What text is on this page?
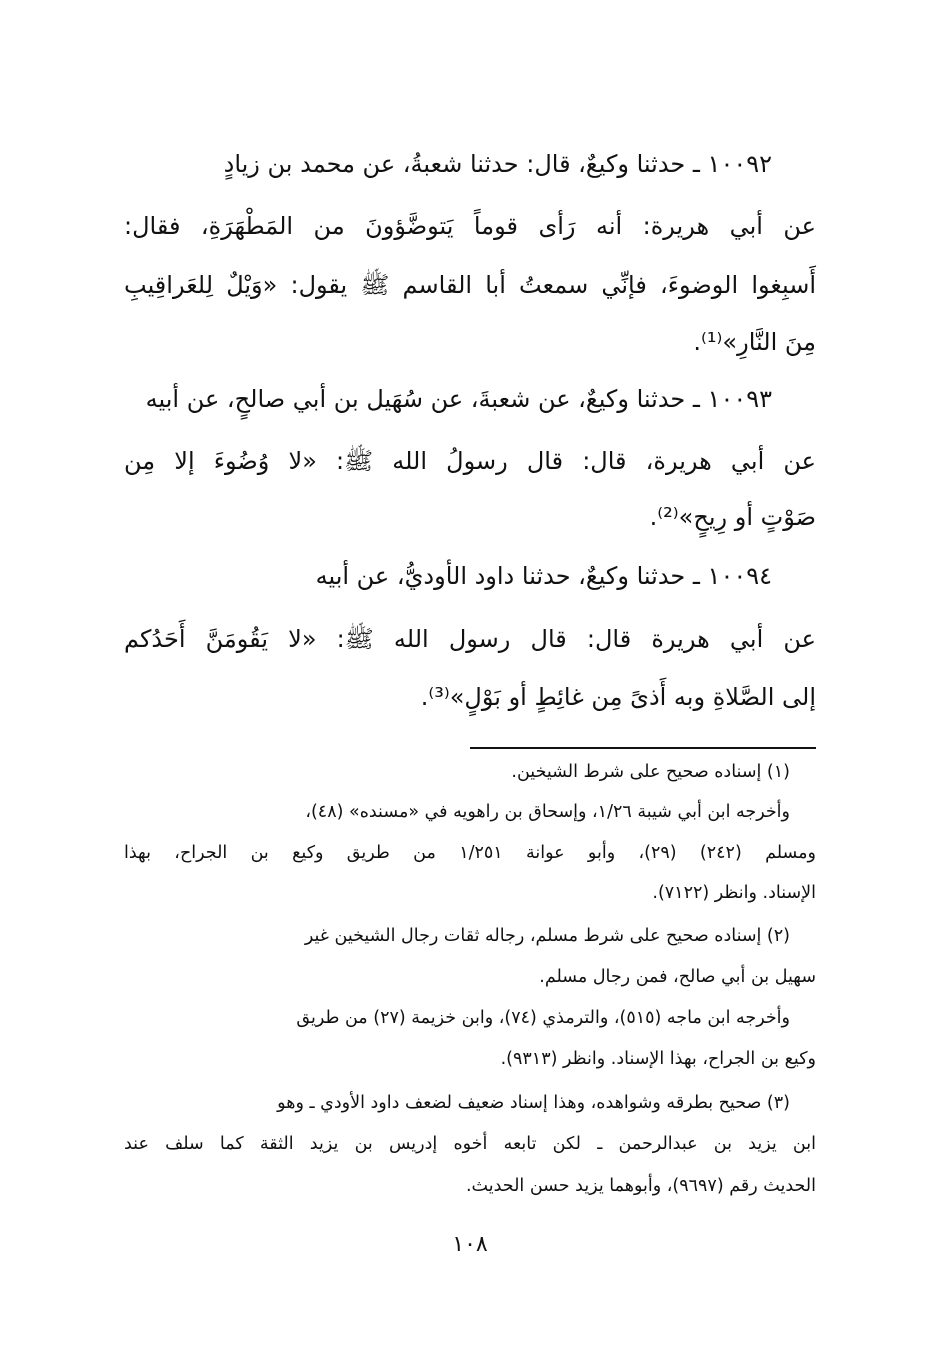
١٠٠٩٢ ـ حدثنا وكيعٌ، قال: حدثنا شعبةُ، عن محمد بن زيادٍ
عن أبي هريرة: أنه رَأى قوماً يَتوضَّؤونَ من المَطْهَرَةِ، فقال:
أَسبِغوا الوضوءَ، فإنِّي سمعتُ أبا القاسم ﷺ يقول: «وَيْلٌ لِلعَراقِيبِ
مِنَ النَّارِ»⁽¹⁾.
١٠٠٩٣ ـ حدثنا وكيعٌ، عن شعبةَ، عن سُهَيل بن أبي صالحٍ، عن أبيه
عن أبي هريرة، قال: قال رسولُ الله ﷺ: «لا وُضُوءَ إلا مِن
صَوْتٍ أو رِيحٍ»⁽²⁾.
١٠٠٩٤ ـ حدثنا وكيعٌ، حدثنا داود الأوديُّ، عن أبيه
عن أبي هريرة قال: قال رسول الله ﷺ: «لا يَقُومَنَّ أَحَدُكم
إلى الصَّلاةِ وبه أَذىً مِن غائِطٍ أو بَوْلٍ»⁽³⁾.
(١) إسناده صحيح على شرط الشيخين.
وأخرجه ابن أبي شيبة ١/٢٦، وإسحاق بن راهويه في «مسنده» (٤٨)،
ومسلم (٢٤٢) (٢٩)، وأبو عوانة ١/٢٥١ من طريق وكيع بن الجراح، بهذا
الإسناد. وانظر (٧١٢٢).
(٢) إسناده صحيح على شرط مسلم، رجاله ثقات رجال الشيخين غير
سهيل بن أبي صالح، فمن رجال مسلم.
وأخرجه ابن ماجه (٥١٥)، والترمذي (٧٤)، وابن خزيمة (٢٧) من طريق
وكيع بن الجراح، بهذا الإسناد. وانظر (٩٣١٣).
(٣) صحيح بطرقه وشواهده، وهذا إسناد ضعيف لضعف داود الأودي ـ وهو
ابن يزيد بن عبدالرحمن ـ لكن تابعه أخوه إدريس بن يزيد الثقة كما سلف عند
الحديث رقم (٩٦٩٧)، وأبوهما يزيد حسن الحديث.
١٠٨
